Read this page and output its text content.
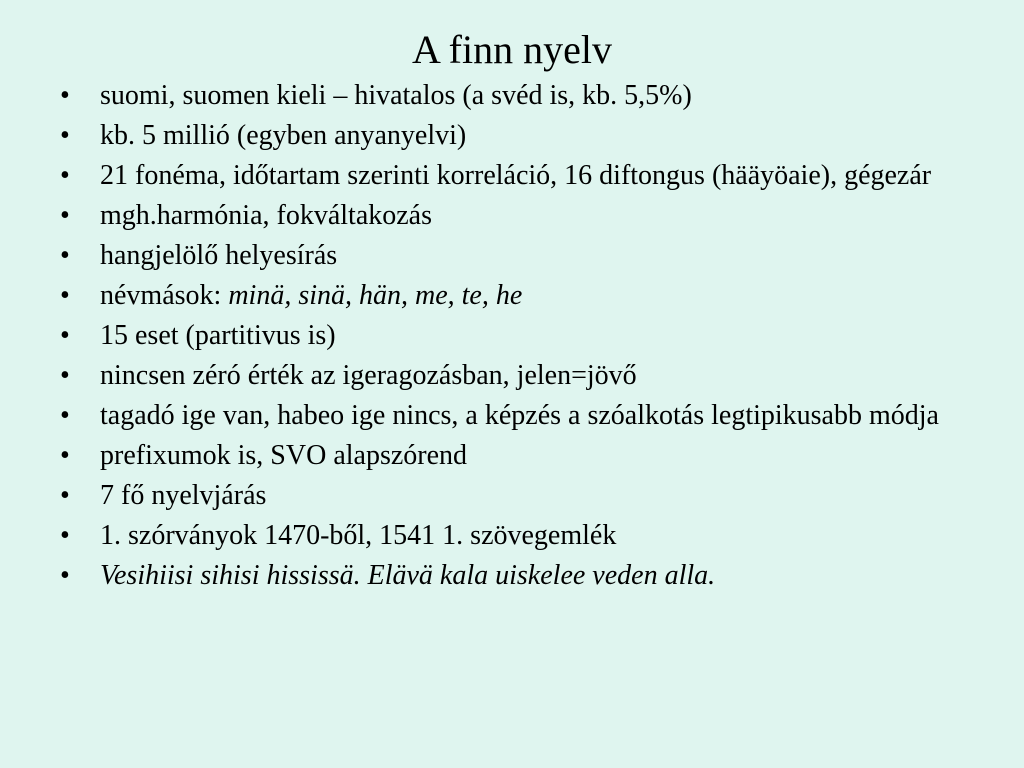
A finn nyelv
•	suomi, suomen kieli – hivatalos (a svéd is, kb. 5,5%)
•	kb. 5 millió (egyben anyanyelvi)
•	21 fonéma, időtartam szerinti korreláció, 16 diftongus (hääyöaie), gégezár
•	mgh.harmónia, fokváltakozás
•	hangjelölő helyesírás
•	névmások: minä, sinä, hän, me, te, he
•	15 eset (partitivus is)
•	nincsen zéró érték az igeragozásban, jelen=jövő
•	tagadó ige van, habeo ige nincs, a képzés a szóalkotás legtipikusabb módja
•	prefixumok is, SVO alapszórend
•	7 fő nyelvjárás
•	1. szórványok 1470-ből, 1541 1. szövegemlék
•	Vesihiisi sihisi hississä. Elävä kala uiskelee veden alla.
